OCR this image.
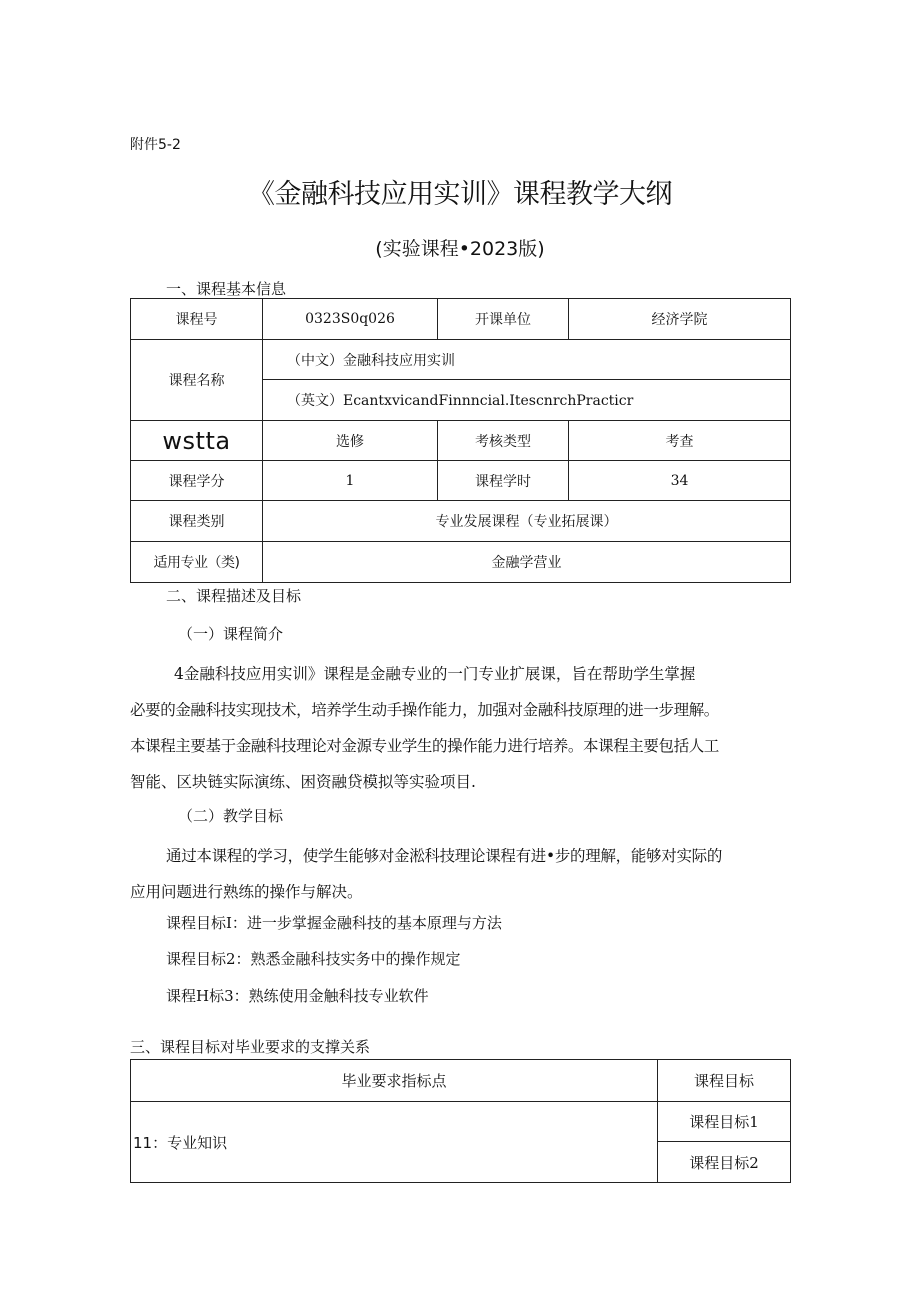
附件5-2
《金融科技应用实训》课程教学大纲
(实验课程•2023版)
一、课程基本信息
课程号	0323S0q026	开课单位	经济学院
课程名称	（中文）金融科技应用实训		
	（英文）EcantxvicandFinnncial.ItescnrchPracticr		
wstta	选修	考核类型	考查
课程学分	1	课程学时	34
课程类别	专业发展课程（专业拓展课）		
适用专业（类)	金融学营业		
二、课程描述及目标
（一）课程简介

4金融科技应用实训》课程是金融专业的一门专业扩展课，旨在帮助学生掌握

必要的金融科技实现技术，培养学生动手操作能力，加强对金融科技原理的进一步理解。

本课程主要基于金融科技理论对金源专业学生的操作能力进行培养。本课程主要包括人工

智能、区块链实际演练、困资融贷模拟等实验项目.

（二）教学目标

通过本课程的学习，使学生能够对金淞科技理论课程有进•步的理解，能够对实际的

应用问题进行熟练的操作与解决。

课程目标I：进一步掌握金融科技的基本原理与方法
课程目标2：熟悉金融科技实务中的操作规定
课程H标3：熟练使用金触科技专业软件
三、课程目标对毕业要求的支撑关系
毕业要求指标点	课程目标
11：专业知识	课程目标1
	课程目标2
